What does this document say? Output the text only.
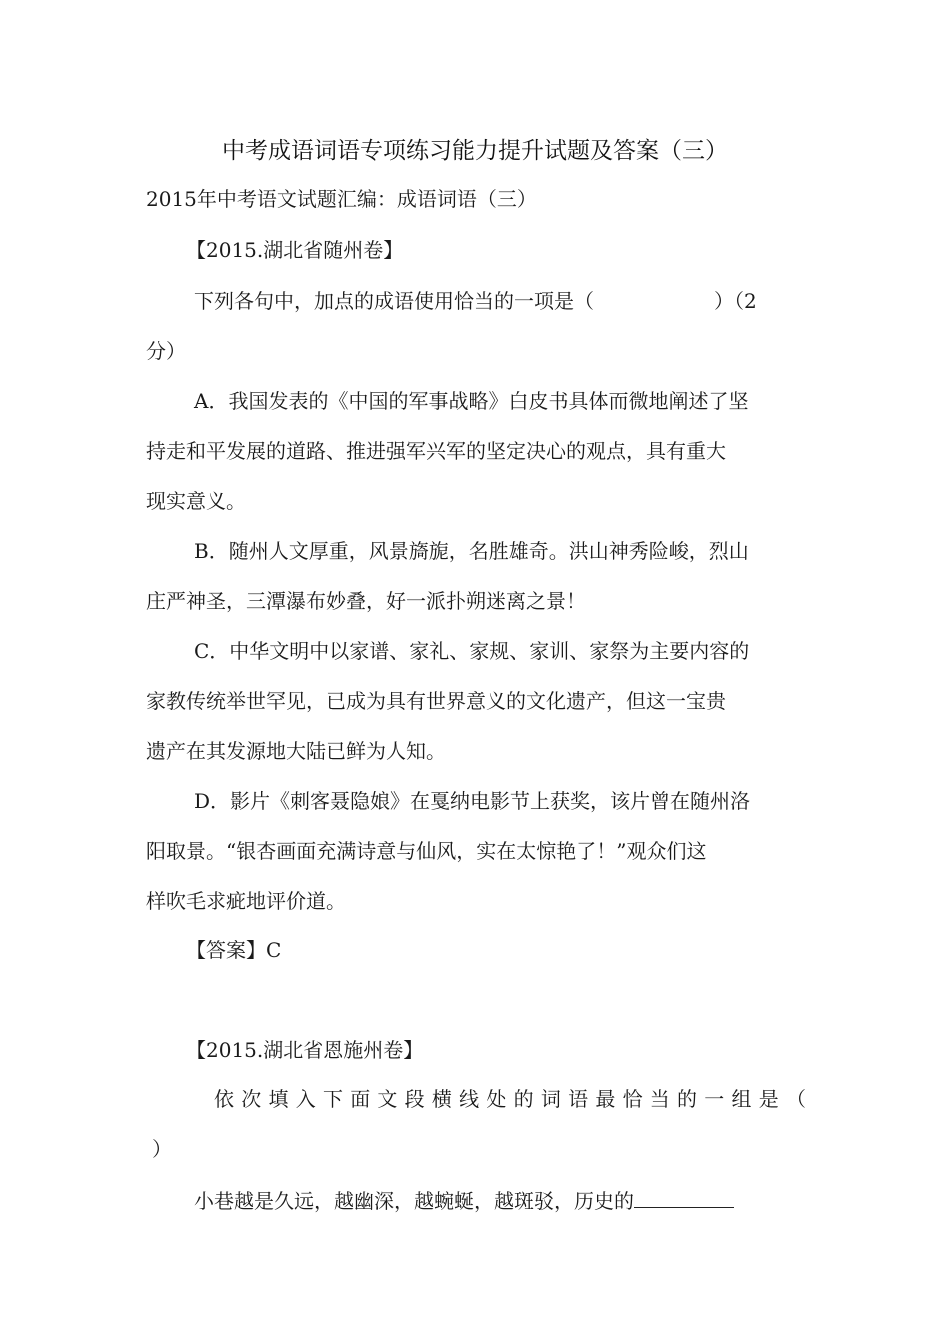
中考成语词语专项练习能力提升试题及答案（三）
2015年中考语文试题汇编：成语词语（三）
【2015.湖北省随州卷】
下列各句中，加点的成语使用恰当的一项是（　　　　　　）（2
分）
A．我国发表的《中国的军事战略》白皮书具体而微地阐述了坚
持走和平发展的道路、推进强军兴军的坚定决心的观点，具有重大
现实意义。
B．随州人文厚重，风景旖旎，名胜雄奇。洪山神秀险峻，烈山
庄严神圣，三潭瀑布妙叠，好一派扑朔迷离之景！
C．中华文明中以家谱、家礼、家规、家训、家祭为主要内容的
家教传统举世罕见，已成为具有世界意义的文化遗产，但这一宝贵
遗产在其发源地大陆已鲜为人知。
D．影片《刺客聂隐娘》在戛纳电影节上获奖，该片曾在随州洛
阳取景。“银杏画面充满诗意与仙风，实在太惊艳了！”观众们这
样吹毛求疵地评价道。
【答案】C
【2015.湖北省恩施州卷】
依次填入下面文段横线处的词语最恰当的一组是（
）
小巷越是久远，越幽深，越蜿蜒，越斑驳，历史的
